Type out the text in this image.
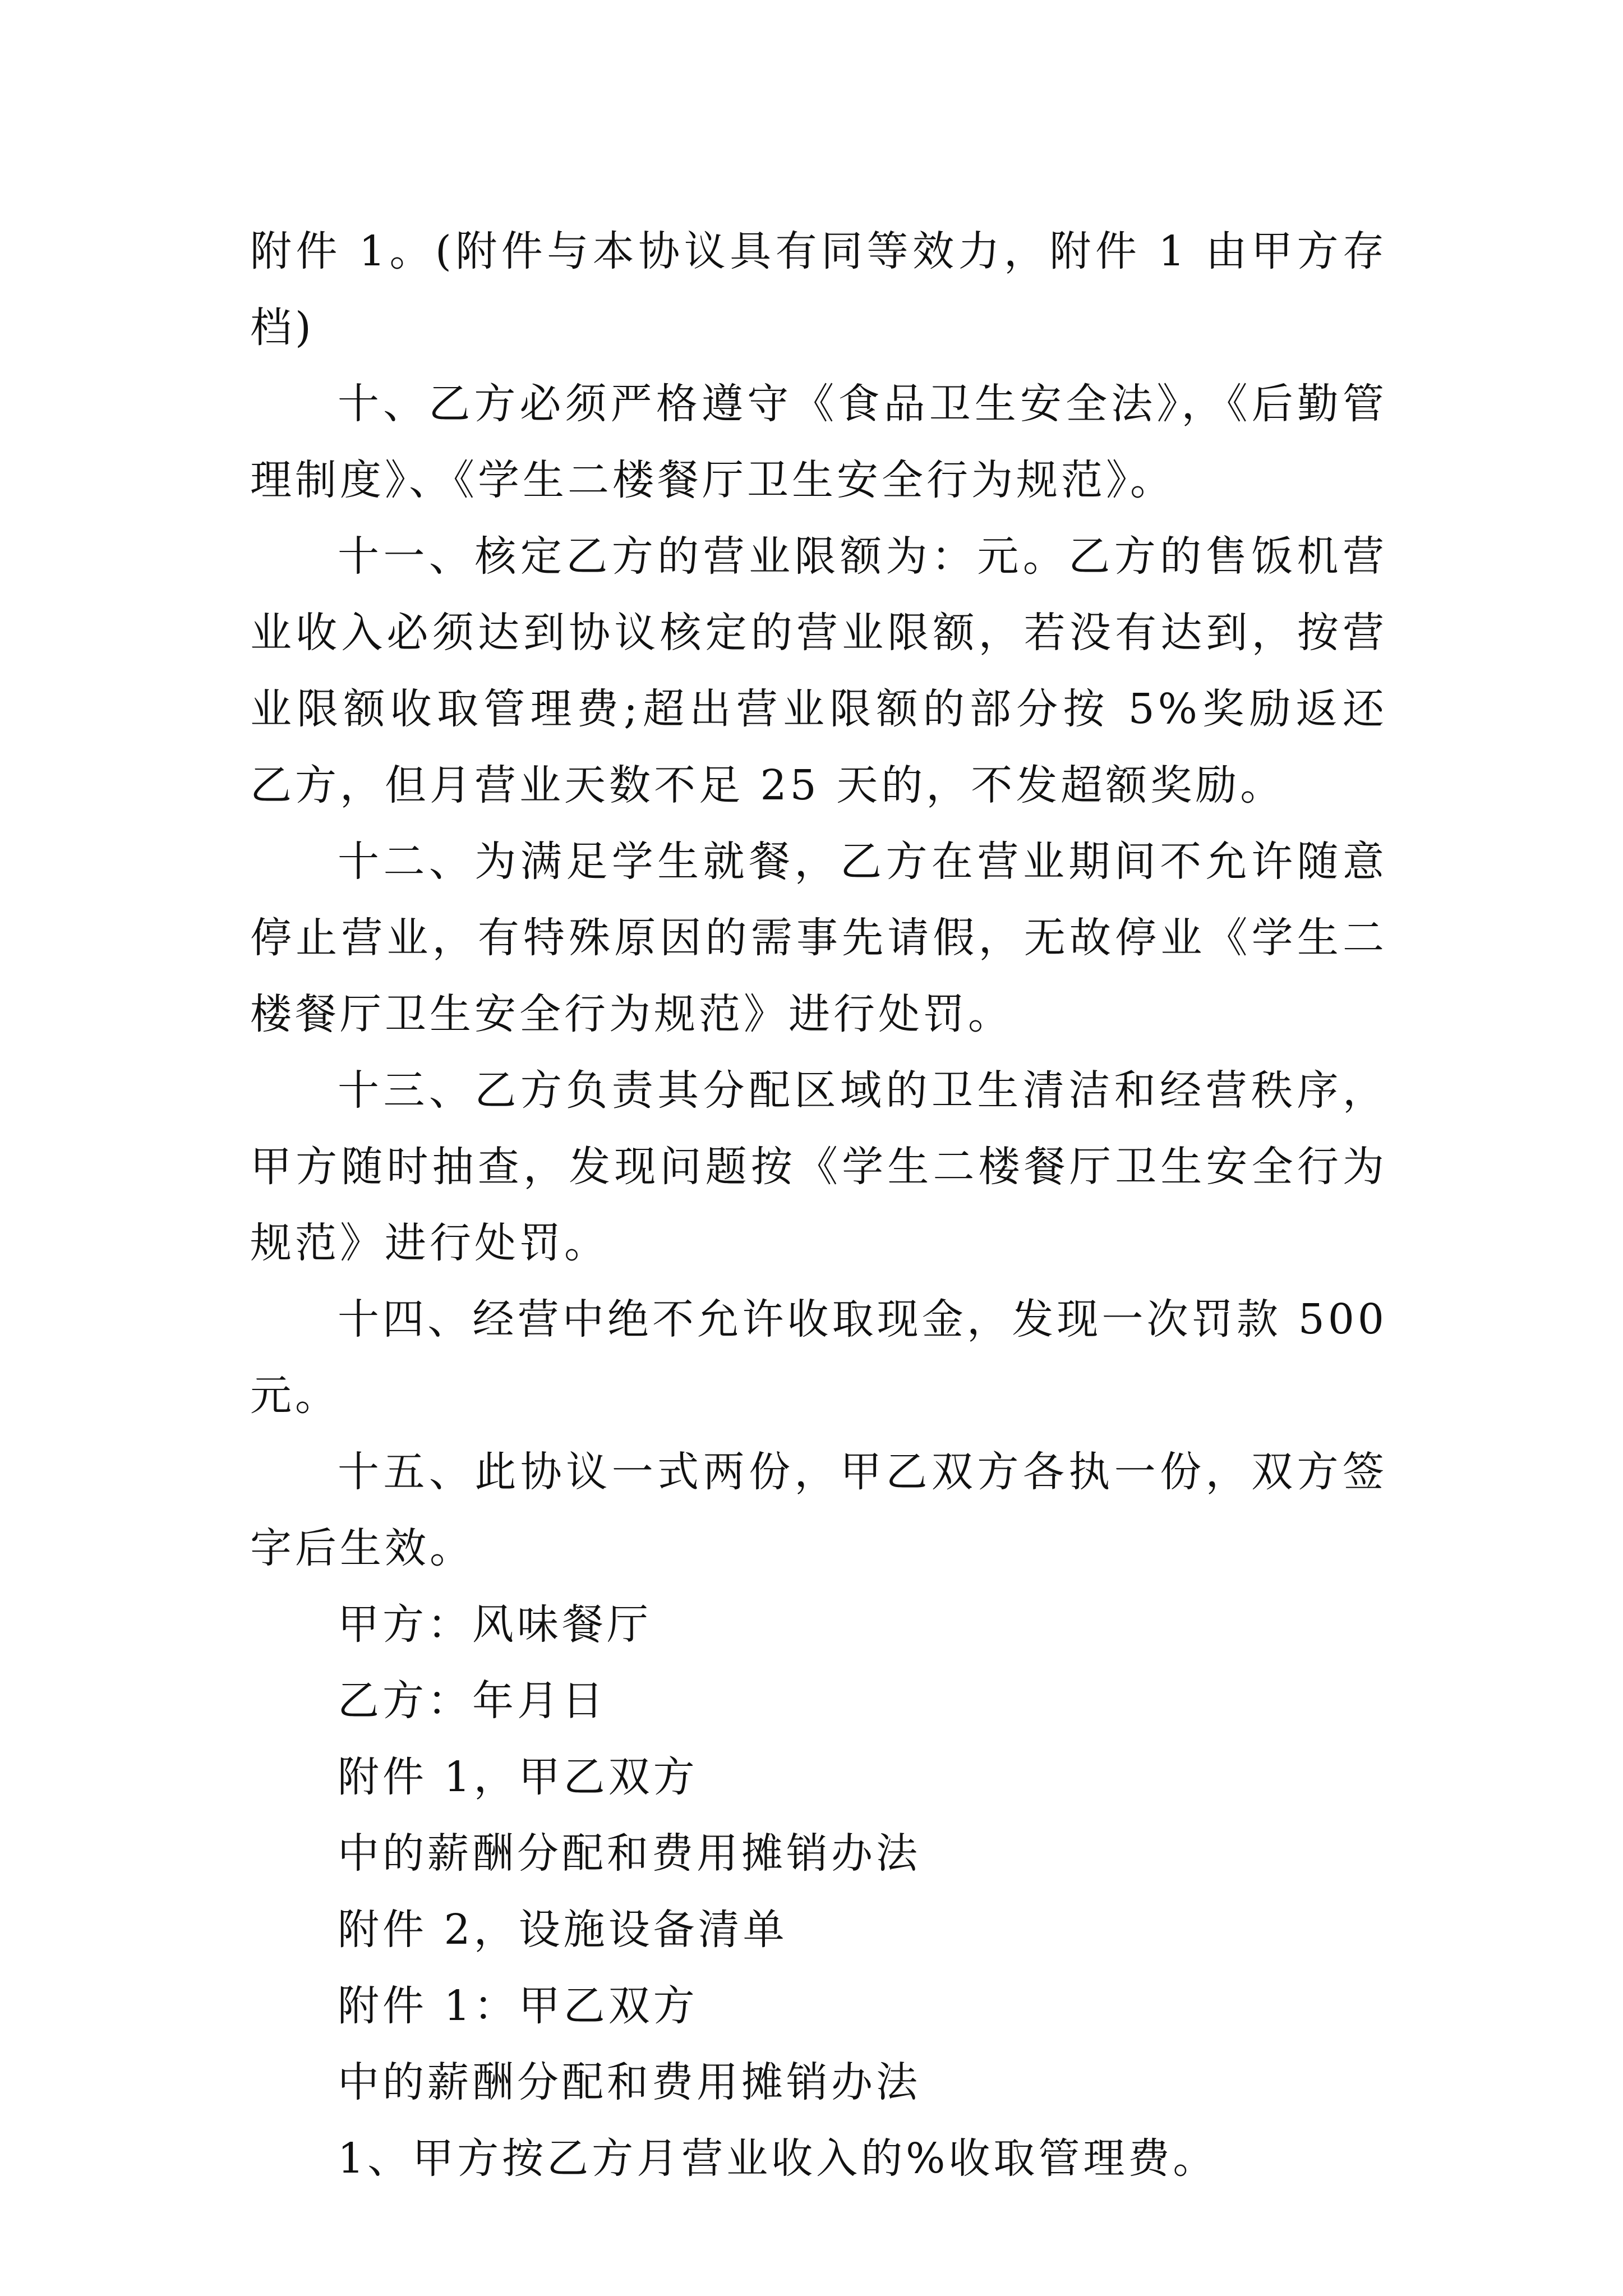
附件 1。(附件与本协议具有同等效力，附件 1 由甲方存档)

十、乙方必须严格遵守《食品卫生安全法》，《后勤管理制度》、《学生二楼餐厅卫生安全行为规范》。

十一、核定乙方的营业限额为：元。乙方的售饭机营业收入必须达到协议核定的营业限额，若没有达到，按营业限额收取管理费;超出营业限额的部分按 5%奖励返还乙方，但月营业天数不足 25 天的，不发超额奖励。

十二、为满足学生就餐，乙方在营业期间不允许随意停止营业，有特殊原因的需事先请假，无故停业《学生二楼餐厅卫生安全行为规范》进行处罚。

十三、乙方负责其分配区域的卫生清洁和经营秩序，甲方随时抽查，发现问题按《学生二楼餐厅卫生安全行为规范》进行处罚。

十四、经营中绝不允许收取现金，发现一次罚款 500 元。

十五、此协议一式两份，甲乙双方各执一份，双方签字后生效。

甲方：风味餐厅

乙方：年月日

附件 1，甲乙双方

中的薪酬分配和费用摊销办法

附件 2，设施设备清单

附件 1：甲乙双方

中的薪酬分配和费用摊销办法

1、甲方按乙方月营业收入的%收取管理费。
